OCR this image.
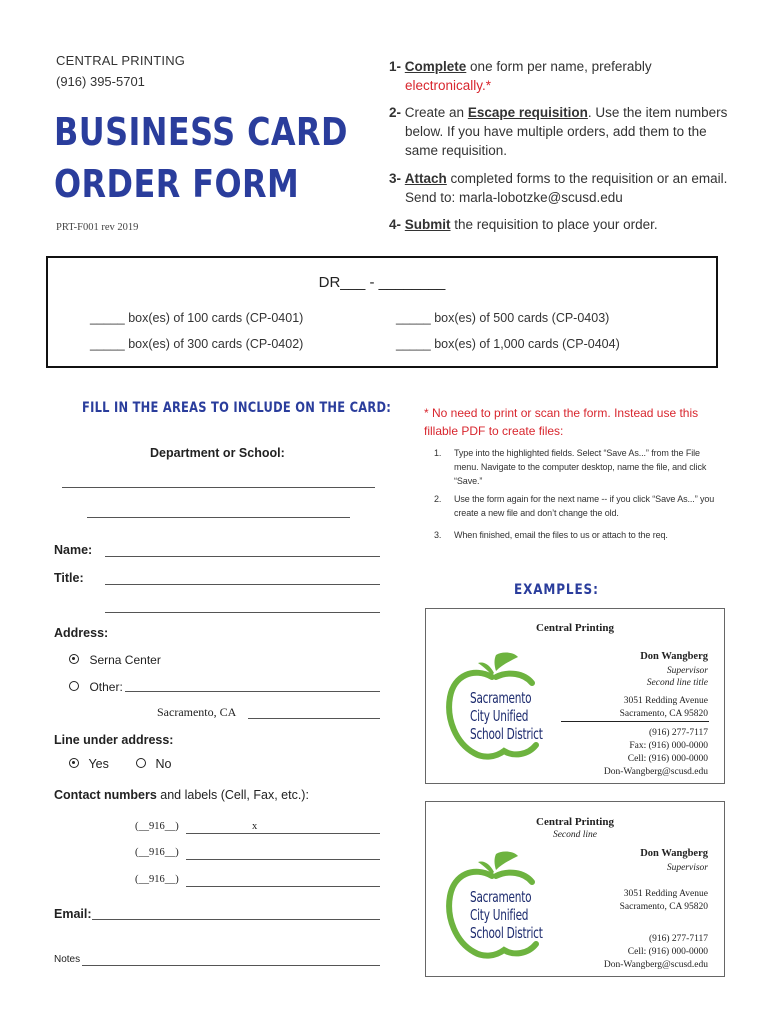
CENTRAL PRINTING
(916) 395-5701
BUSINESS CARD
ORDER FORM
PRT-F001 rev 2019
1- Complete one form per name, preferably
electronically.*
2- Create an Escape requisition. Use the item numbers below. If you have multiple orders, add them to the same requisition.
3- Attach completed forms to the requisition or an email. Send to: marla-lobotzke@scusd.edu
4- Submit the requisition to place your order.
DR___ - ________
_____ box(es) of 100 cards (CP-0401)	_____ box(es) of 500 cards (CP-0403)
_____ box(es) of 300 cards (CP-0402)	_____ box(es) of 1,000 cards (CP-0404)
FILL IN THE AREAS TO INCLUDE ON THE CARD:
Department or School:
Name:
Title:
Address:
Serna Center
Other:
Sacramento, CA
Line under address:
Yes	No
Contact numbers and labels (Cell, Fax, etc.):
(__916__)	x
(__916__)
(__916__)
Email:
Notes
* No need to print or scan the form. Instead use this fillable PDF to create files:
1. Type into the highlighted fields. Select “Save As...” from the File menu. Navigate to the computer desktop, name the file, and click “Save.”
2. Use the form again for the next name -- if you click “Save As...” you create a new file and don’t change the old.
3. When finished, email the files to us or attach to the req.
EXAMPLES:
Central Printing
Don Wangberg
Supervisor
Second line title
3051 Redding Avenue
Sacramento, CA 95820
(916) 277-7117
Fax: (916) 000-0000
Cell: (916) 000-0000
Don-Wangberg@scusd.edu
Sacramento
City Unified
School District
Central Printing
Second line
Don Wangberg
Supervisor
3051 Redding Avenue
Sacramento, CA 95820
(916) 277-7117
Cell: (916) 000-0000
Don-Wangberg@scusd.edu
Sacramento
City Unified
School District
